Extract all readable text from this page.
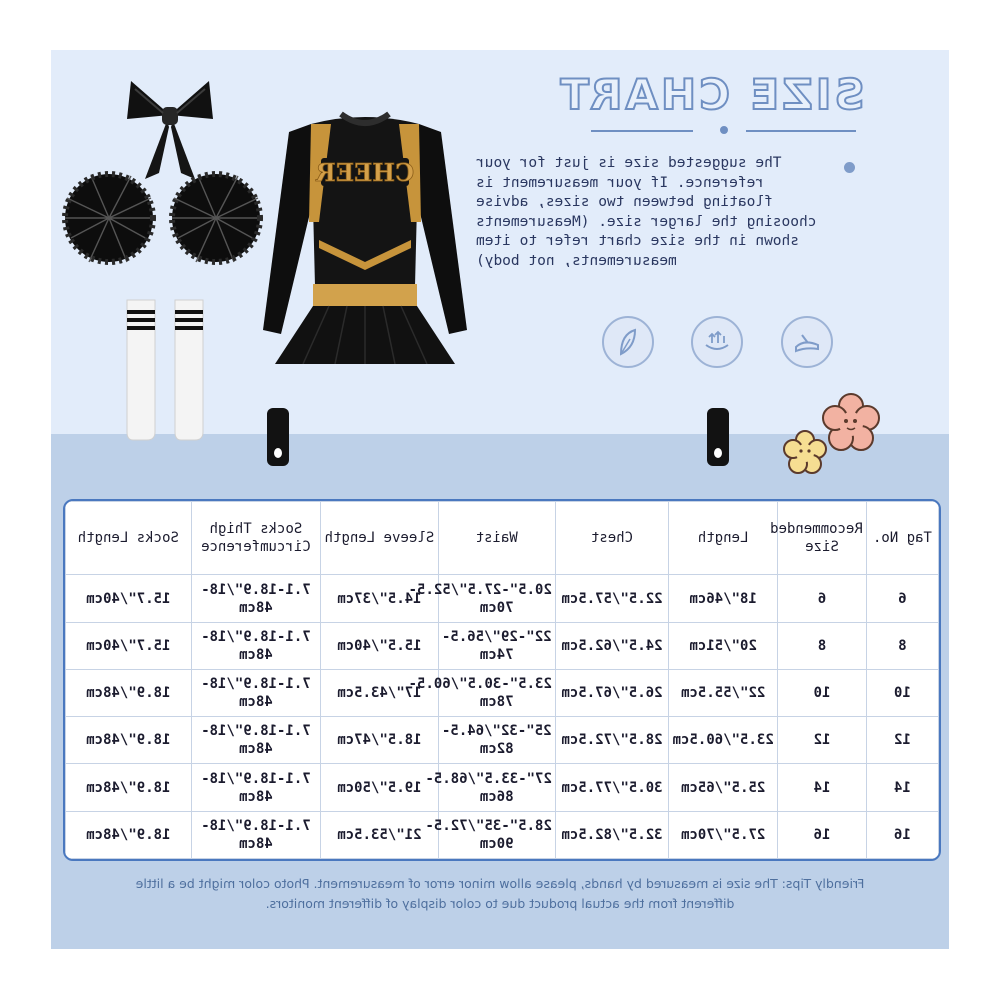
SIZE CHART
The suggested size is just for your reference. If your measurement is floating between two sizes, advise choosing the larger size. (Measurements shown in the size chart refer to item measurements, not body)
CHEER
Tag No.	Recommended Size	Length	Chest	Waist	Sleeve Length	Socks Thigh Circumference	Socks Length
6	6	18"/46cm	22.5"/57.5cm	20.5"-27.5"/52.5-70cm	14.5"/37cm	7.1-18.9"/18-48cm	15.7"/40cm
8	8	20"/51cm	24.5"/62.5cm	22"-29"/56.5-74cm	15.5"/40cm	7.1-18.9"/18-48cm	15.7"/40cm
10	10	22"/55.5cm	26.5"/67.5cm	23.5"-30.5"/60.5-78cm	17"/43.5cm	7.1-18.9"/18-48cm	18.9"/48cm
12	12	23.5"/60.5cm	28.5"/72.5cm	25"-32"/64.5-82cm	18.5"/47cm	7.1-18.9"/18-48cm	18.9"/48cm
14	14	25.5"/65cm	30.5"/77.5cm	27"-33.5"/68.5-86cm	19.5"/50cm	7.1-18.9"/18-48cm	18.9"/48cm
16	16	27.5"/70cm	32.5"/82.5cm	28.5"-35"/72.5-90cm	21"/53.5cm	7.1-18.9"/18-48cm	18.9"/48cm
Friendly Tips: The size is measured by hands, please allow minor error of measurement. Photo color might be a little different from the actual product due to color display of different monitors.
